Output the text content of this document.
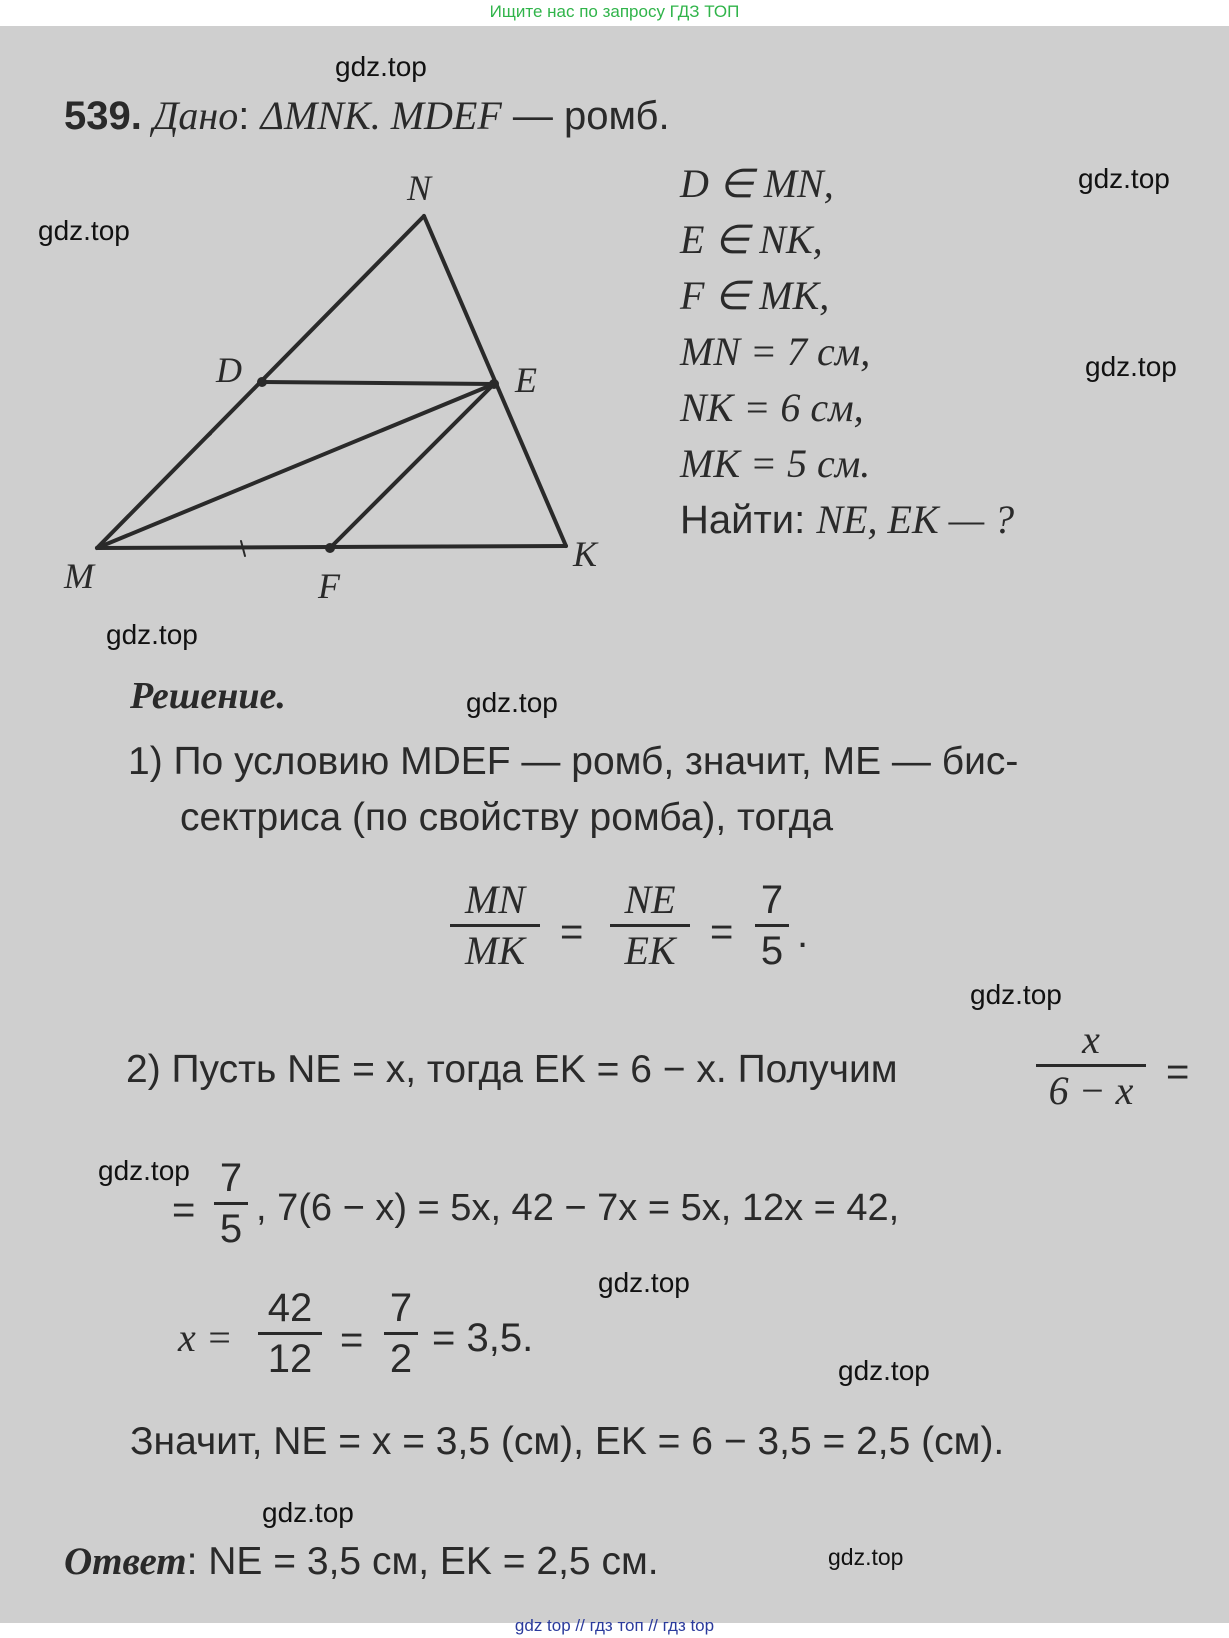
Ищите нас по запросу ГДЗ ТОП
N
D	E
M	F
K
539. Дано: ΔMNK. MDEF — ромб.
D ∈ MN,
E ∈ NK,
F ∈ MK,
MN = 7 см,
NK = 6 см,
MK = 5 см.
Найти: NE, EK — ?
Решение.
1) По условию MDEF — ромб, значит, ME — бис-
сектриса (по свойству ромба), тогда
MN
MK =
NE
EK =
7
5 .
2) Пусть NE = x, тогда EK = 6 − x. Получим
x
6 − x =
=
7
5 , 7(6 − x) = 5x, 42 − 7x = 5x, 12x = 42,
x =
42
12 =
7
2 = 3,5.
Значит, NE = x = 3,5 (см), EK = 6 − 3,5 = 2,5 (см).
Ответ: NE = 3,5 см, EK = 2,5 см.
gdz.top
gdz.top
gdz.top
gdz.top
gdz.top
gdz.top
gdz.top
gdz.top
gdz.top
gdz.top
gdz.top
gdz.top
gdz top // гдз топ // гдз top
